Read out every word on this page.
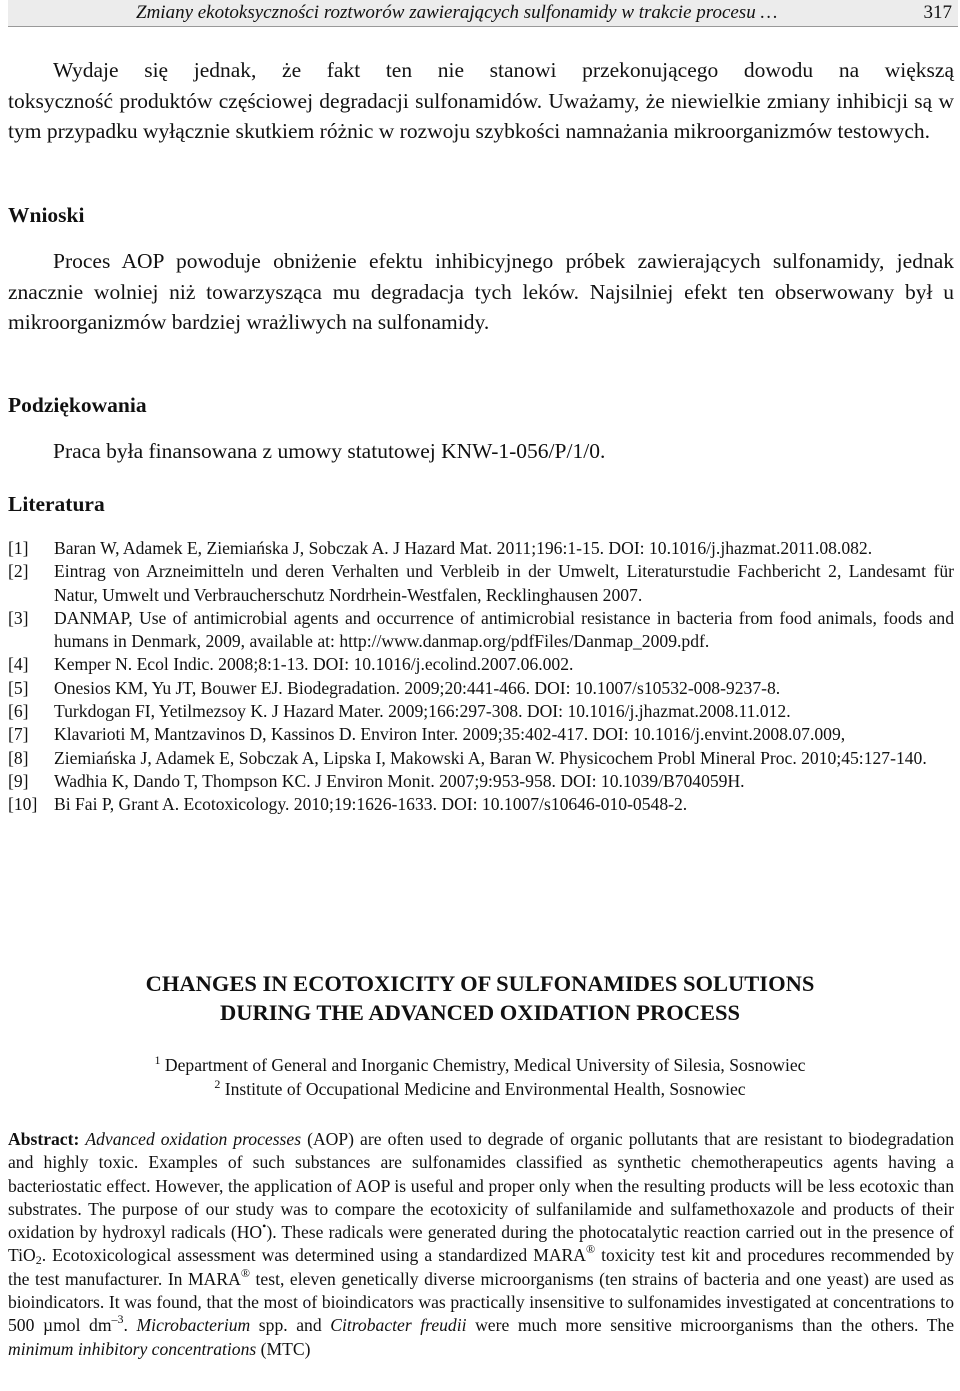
Zmiany ekotoksyczności roztworów zawierających sulfonamidy w trakcie procesu …	317

Wydaje się jednak, że fakt ten nie stanowi przekonującego dowodu na większą

toksyczność produktów częściowej degradacji sulfonamidów. Uważamy, że niewielkie zmiany inhibicji są w tym przypadku wyłącznie skutkiem różnic w rozwoju szybkości namnażania mikroorganizmów testowych.

Wnioski

Proces AOP powoduje obniżenie efektu inhibicyjnego próbek zawierających sulfonamidy, jednak znacznie wolniej niż towarzysząca mu degradacja tych leków. Najsilniej efekt ten obserwowany był u mikroorganizmów bardziej wrażliwych na sulfonamidy.

Podziękowania

Praca była finansowana z umowy statutowej KNW-1-056/P/1/0.

Literatura
[1] Baran W, Adamek E, Ziemiańska J, Sobczak A. J Hazard Mat. 2011;196:1-15. DOI: 10.1016/j.jhazmat.2011.08.082.
[2] Eintrag von Arzneimitteln und deren Verhalten und Verbleib in der Umwelt, Literaturstudie Fachbericht 2, Landesamt für Natur, Umwelt und Verbraucherschutz Nordrhein-Westfalen, Recklinghausen 2007.
[3] DANMAP, Use of antimicrobial agents and occurrence of antimicrobial resistance in bacteria from food animals, foods and humans in Denmark, 2009, available at: http://www.danmap.org/pdfFiles/Danmap_2009.pdf.
[4] Kemper N. Ecol Indic. 2008;8:1-13. DOI: 10.1016/j.ecolind.2007.06.002.
[5] Onesios KM, Yu JT, Bouwer EJ. Biodegradation. 2009;20:441-466. DOI: 10.1007/s10532-008-9237-8.
[6] Turkdogan FI, Yetilmezsoy K. J Hazard Mater. 2009;166:297-308. DOI: 10.1016/j.jhazmat.2008.11.012.
[7] Klavarioti M, Mantzavinos D, Kassinos D. Environ Inter. 2009;35:402-417. DOI: 10.1016/j.envint.2008.07.009,
[8] Ziemiańska J, Adamek E, Sobczak A, Lipska I, Makowski A, Baran W. Physicochem Probl Mineral Proc. 2010;45:127-140.
[9] Wadhia K, Dando T, Thompson KC. J Environ Monit. 2007;9:953-958. DOI: 10.1039/B704059H.
[10] Bi Fai P, Grant A. Ecotoxicology. 2010;19:1626-1633. DOI: 10.1007/s10646-010-0548-2.
CHANGES IN ECOTOXICITY OF SULFONAMIDES SOLUTIONS
DURING THE ADVANCED OXIDATION PROCESS
$^1$ Department of General and Inorganic Chemistry, Medical University of Silesia, Sosnowiec
$^2$ Institute of Occupational Medicine and Environmental Health, Sosnowiec
Abstract: Advanced oxidation processes (AOP) are often used to degrade of organic pollutants that are resistant to biodegradation and highly toxic. Examples of such substances are sulfonamides classified as synthetic chemotherapeutics agents having a bacteriostatic effect. However, the application of AOP is useful and proper only when the resulting products will be less ecotoxic than substrates. The purpose of our study was to compare the ecotoxicity of sulfanilamide and sulfamethoxazole and products of their oxidation by hydroxyl radicals (HO•). These radicals were generated during the photocatalytic reaction carried out in the presence of TiO$_2$. Ecotoxicological assessment was determined using a standardized MARA® toxicity test kit and procedures recommended by the test manufacturer. In MARA® test, eleven genetically diverse microorganisms (ten strains of bacteria and one yeast) are used as bioindicators. It was found, that the most of bioindicators was practically insensitive to sulfonamides investigated at concentrations to 500 µmol $dm^{-3}$. Microbacterium spp. and Citrobacter freudii were much more sensitive microorganisms than the others. The minimum inhibitory concentrations (MTC)
